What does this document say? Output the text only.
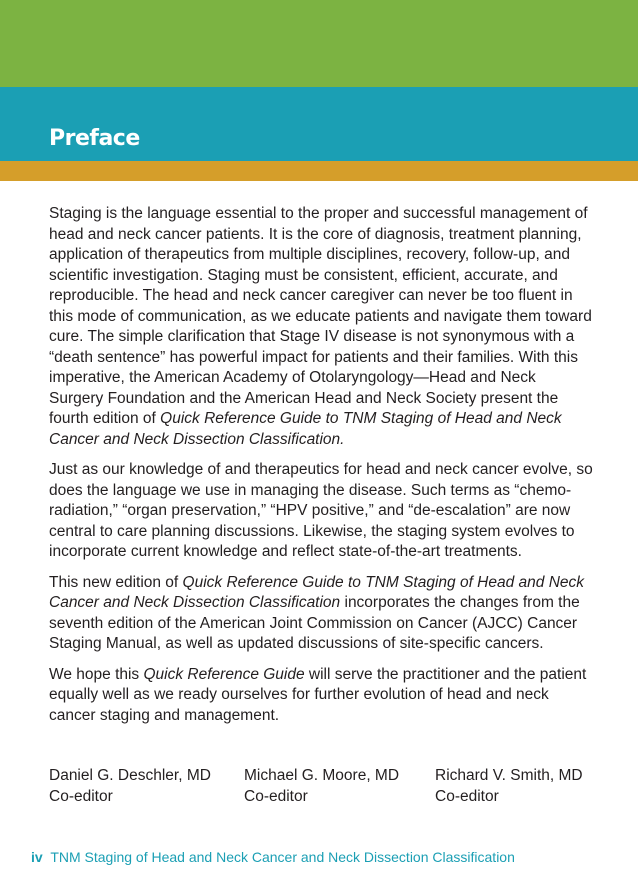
Preface

Staging is the language essential to the proper and successful management of head and neck cancer patients. It is the core of diagnosis, treatment planning, application of therapeutics from multiple disciplines, recovery, follow-up, and scientific investigation. Staging must be consistent, efficient, accurate, and reproducible. The head and neck cancer caregiver can never be too fluent in this mode of communication, as we educate patients and navigate them toward cure. The simple clarification that Stage IV disease is not synonymous with a “death sentence” has powerful impact for patients and their families. With this imperative, the American Academy of Otolaryngology—Head and Neck Surgery Foundation and the American Head and Neck Society present the fourth edition of Quick Reference Guide to TNM Staging of Head and Neck Cancer and Neck Dissection Classification.

Just as our knowledge of and therapeutics for head and neck cancer evolve, so does the language we use in managing the disease. Such terms as “chemo-radiation,” “organ preservation,” “HPV positive,” and “de-escalation” are now central to care planning discussions. Likewise, the staging system evolves to incorporate current knowledge and reflect state-of-the-art treatments.

This new edition of Quick Reference Guide to TNM Staging of Head and Neck Cancer and Neck Dissection Classification incorporates the changes from the seventh edition of the American Joint Commission on Cancer (AJCC) Cancer Staging Manual, as well as updated discussions of site-specific cancers.

We hope this Quick Reference Guide will serve the practitioner and the patient equally well as we ready ourselves for further evolution of head and neck cancer staging and management.

Daniel G. Deschler, MD
Co-editor
Michael G. Moore, MD
Co-editor
Richard V. Smith, MD
Co-editor
iv TNM Staging of Head and Neck Cancer and Neck Dissection Classification
